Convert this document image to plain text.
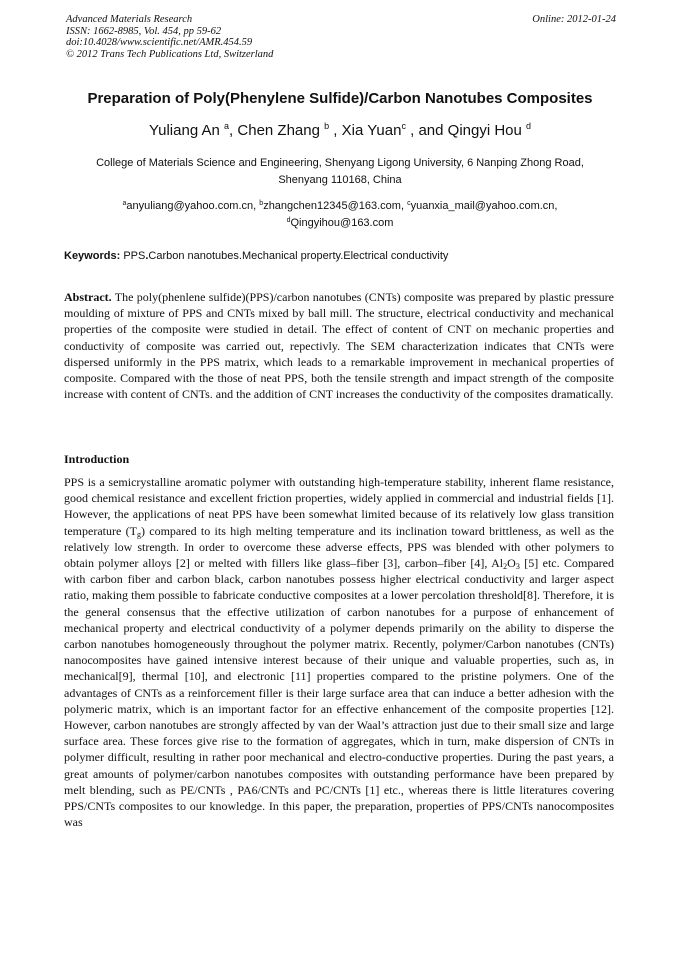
Advanced Materials Research
ISSN: 1662-8985, Vol. 454, pp 59-62
doi:10.4028/www.scientific.net/AMR.454.59
© 2012 Trans Tech Publications Ltd, Switzerland
Online: 2012-01-24
Preparation of Poly(Phenylene Sulfide)/Carbon Nanotubes Composites
Yuliang An $^a$, Chen Zhang $^b$ , Xia Yuan$^c$ , and Qingyi Hou $^d$
College of Materials Science and Engineering, Shenyang Ligong University, 6 Nanping Zhong Road,
Shenyang 110168, China
$^a$anyuliang@yahoo.com.cn, $^b$zhangchen12345@163.com, $^c$yuanxia_mail@yahoo.com.cn,
$^d$Qingyihou@163.com
Keywords: PPS.Carbon nanotubes.Mechanical property.Electrical conductivity
Abstract. The poly(phenlene sulfide)(PPS)/carbon nanotubes (CNTs) composite was prepared by plastic pressure moulding of mixture of PPS and CNTs mixed by ball mill. The structure, electrical conductivity and mechanical properties of the composite were studied in detail. The effect of content of CNT on mechanic properties and conductivity of composite was carried out, repectivly. The SEM characterization indicates that CNTs were dispersed uniformly in the PPS matrix, which leads to a remarkable improvement in mechanical properties of composite. Compared with the those of neat PPS, both the tensile strength and impact strength of the composite increase with content of CNTs. and the addition of CNT increases the conductivity of the composites dramatically.
Introduction
PPS is a semicrystalline aromatic polymer with outstanding high-temperature stability, inherent flame resistance, good chemical resistance and excellent friction properties, widely applied in commercial and industrial fields [1]. However, the applications of neat PPS have been somewhat limited because of its relatively low glass transition temperature $(T_g)$ compared to its high melting temperature and its inclination toward brittleness, as well as the relatively low strength. In order to overcome these adverse effects, PPS was blended with other polymers to obtain polymer alloys [2] or melted with fillers like glass–fiber [3], carbon–fiber [4], $Al_2O_3$ [5] etc. Compared with carbon fiber and carbon black, carbon nanotubes possess higher electrical conductivity and larger aspect ratio, making them possible to fabricate conductive composites at a lower percolation threshold[8]. Therefore, it is the general consensus that the effective utilization of carbon nanotubes for a purpose of enhancement of mechanical property and electrical conductivity of a polymer depends primarily on the ability to disperse the carbon nanotubes homogeneously throughout the polymer matrix. Recently, polymer/Carbon nanotubes (CNTs) nanocomposites have gained intensive interest because of their unique and valuable properties, such as, in mechanical[9], thermal [10], and electronic [11] properties compared to the pristine polymers. One of the advantages of CNTs as a reinforcement filler is their large surface area that can induce a better adhesion with the polymeric matrix, which is an important factor for an effective enhancement of the composite properties [12]. However, carbon nanotubes are strongly affected by van der Waal’s attraction just due to their small size and large surface area. These forces give rise to the formation of aggregates, which in turn, make dispersion of CNTs in polymer difficult, resulting in rather poor mechanical and electro-conductive properties. During the past years, a great amounts of polymer/carbon nanotubes composites with outstanding performance have been prepared by melt blending, such as PE/CNTs , PA6/CNTs and PC/CNTs [1] etc., whereas there is little literatures covering PPS/CNTs composites to our knowledge. In this paper, the preparation, properties of PPS/CNTs nanocomposites was
